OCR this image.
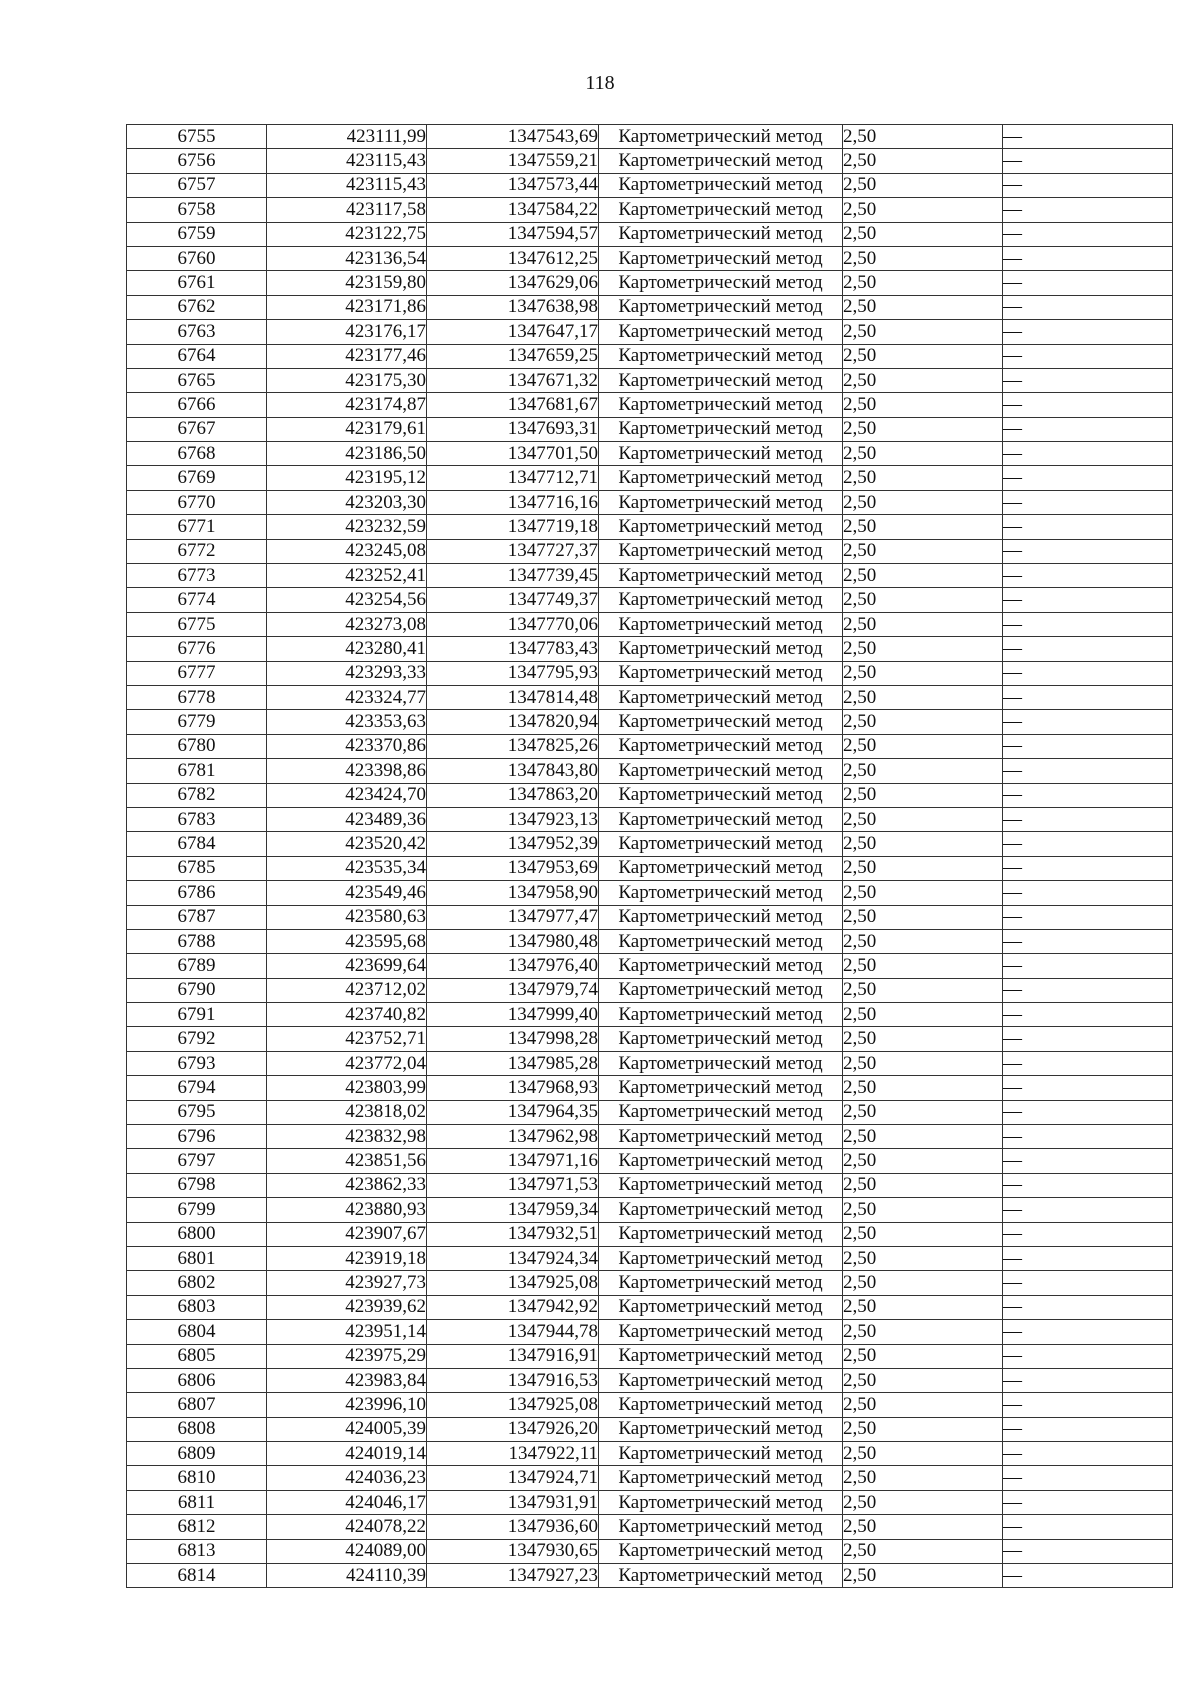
118
6755	423111,99	1347543,69	Картометрический метод	2,50	—
6756	423115,43	1347559,21	Картометрический метод	2,50	—
6757	423115,43	1347573,44	Картометрический метод	2,50	—
6758	423117,58	1347584,22	Картометрический метод	2,50	—
6759	423122,75	1347594,57	Картометрический метод	2,50	—
6760	423136,54	1347612,25	Картометрический метод	2,50	—
6761	423159,80	1347629,06	Картометрический метод	2,50	—
6762	423171,86	1347638,98	Картометрический метод	2,50	—
6763	423176,17	1347647,17	Картометрический метод	2,50	—
6764	423177,46	1347659,25	Картометрический метод	2,50	—
6765	423175,30	1347671,32	Картометрический метод	2,50	—
6766	423174,87	1347681,67	Картометрический метод	2,50	—
6767	423179,61	1347693,31	Картометрический метод	2,50	—
6768	423186,50	1347701,50	Картометрический метод	2,50	—
6769	423195,12	1347712,71	Картометрический метод	2,50	—
6770	423203,30	1347716,16	Картометрический метод	2,50	—
6771	423232,59	1347719,18	Картометрический метод	2,50	—
6772	423245,08	1347727,37	Картометрический метод	2,50	—
6773	423252,41	1347739,45	Картометрический метод	2,50	—
6774	423254,56	1347749,37	Картометрический метод	2,50	—
6775	423273,08	1347770,06	Картометрический метод	2,50	—
6776	423280,41	1347783,43	Картометрический метод	2,50	—
6777	423293,33	1347795,93	Картометрический метод	2,50	—
6778	423324,77	1347814,48	Картометрический метод	2,50	—
6779	423353,63	1347820,94	Картометрический метод	2,50	—
6780	423370,86	1347825,26	Картометрический метод	2,50	—
6781	423398,86	1347843,80	Картометрический метод	2,50	—
6782	423424,70	1347863,20	Картометрический метод	2,50	—
6783	423489,36	1347923,13	Картометрический метод	2,50	—
6784	423520,42	1347952,39	Картометрический метод	2,50	—
6785	423535,34	1347953,69	Картометрический метод	2,50	—
6786	423549,46	1347958,90	Картометрический метод	2,50	—
6787	423580,63	1347977,47	Картометрический метод	2,50	—
6788	423595,68	1347980,48	Картометрический метод	2,50	—
6789	423699,64	1347976,40	Картометрический метод	2,50	—
6790	423712,02	1347979,74	Картометрический метод	2,50	—
6791	423740,82	1347999,40	Картометрический метод	2,50	—
6792	423752,71	1347998,28	Картометрический метод	2,50	—
6793	423772,04	1347985,28	Картометрический метод	2,50	—
6794	423803,99	1347968,93	Картометрический метод	2,50	—
6795	423818,02	1347964,35	Картометрический метод	2,50	—
6796	423832,98	1347962,98	Картометрический метод	2,50	—
6797	423851,56	1347971,16	Картометрический метод	2,50	—
6798	423862,33	1347971,53	Картометрический метод	2,50	—
6799	423880,93	1347959,34	Картометрический метод	2,50	—
6800	423907,67	1347932,51	Картометрический метод	2,50	—
6801	423919,18	1347924,34	Картометрический метод	2,50	—
6802	423927,73	1347925,08	Картометрический метод	2,50	—
6803	423939,62	1347942,92	Картометрический метод	2,50	—
6804	423951,14	1347944,78	Картометрический метод	2,50	—
6805	423975,29	1347916,91	Картометрический метод	2,50	—
6806	423983,84	1347916,53	Картометрический метод	2,50	—
6807	423996,10	1347925,08	Картометрический метод	2,50	—
6808	424005,39	1347926,20	Картометрический метод	2,50	—
6809	424019,14	1347922,11	Картометрический метод	2,50	—
6810	424036,23	1347924,71	Картометрический метод	2,50	—
6811	424046,17	1347931,91	Картометрический метод	2,50	—
6812	424078,22	1347936,60	Картометрический метод	2,50	—
6813	424089,00	1347930,65	Картометрический метод	2,50	—
6814	424110,39	1347927,23	Картометрический метод	2,50	—
